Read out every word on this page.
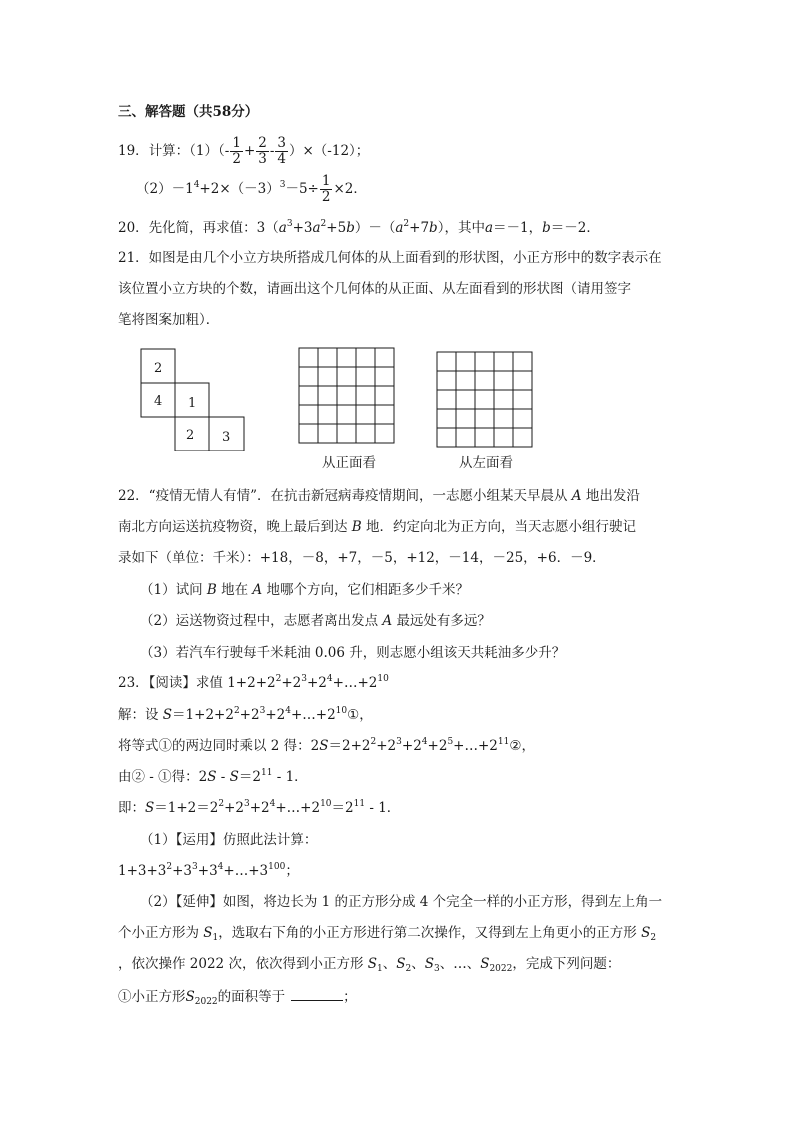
三、解答题（共58分）
19．计算：$(1)(- \frac{1}{2} + \frac{2}{3} - \frac{3}{4} )\times(-12)$；
$(2)-1^4+2\times(-3)^3-5\div \frac{1}{2} \times 2$．
20．先化简，再求值：$3(a^3+3a^2+5b)-(a^2+7b)$，其中a＝－1，b＝－2．
21．如图是由几个小立方块所搭成几何体的从上面看到的形状图，小正方形中的数字表示在
该位置小立方块的个数，请画出这个几何体的从正面、从左面看到的形状图（请用签字
笔将图案加粗）．
2
4 1
2 3
从正面看	从左面看
22．“疫情无情人有情”．在抗击新冠病毒疫情期间，一志愿小组某天早晨从 A 地出发沿
南北方向运送抗疫物资，晚上最后到达 B 地．约定向北为正方向，当天志愿小组行驶记
录如下（单位：千米）：+18，－8，+7，－5，+12，－14，－25，+6．－9．
（1）试问 B 地在 A 地哪个方向，它们相距多少千米？
（2）运送物资过程中，志愿者离出发点 A 最远处有多远？
（3）若汽车行驶每千米耗油 0.06 升，则志愿小组该天共耗油多少升？
23．【阅读】求值 $1+2+2^2+2^3+2^4+\dots+2^{10}$
解：设 $S=1+2+2^2+2^3+2^4+\dots+2^{10}①$，
将等式①的两边同时乘以 2 得：$2S=2+2^2+2^3+2^4+2^5+\dots+2^{11}②$，
由② - ①得：$2S - S=2^{11} - 1$．
即：$S=1+2=2^2+2^3+2^4+\dots+2^{10}=2^{11} - 1$．
（1）【运用】仿照此法计算：
$1+3+3^2+3^3+3^4+\dots+3^{100}$；
（2）【延伸】如图，将边长为 1 的正方形分成 4 个完全一样的小正方形，得到左上角一
个小正方形为 $S_1$，选取右下角的小正方形进行第二次操作，又得到左上角更小的正方形 $S_2$
，依次操作 2022 次，依次得到小正方形 $S_1$、$S_2$、$S_3$、…、$S_{2022}$，完成下列问题：
①小正方形$S_{2022}$的面积等于	；
